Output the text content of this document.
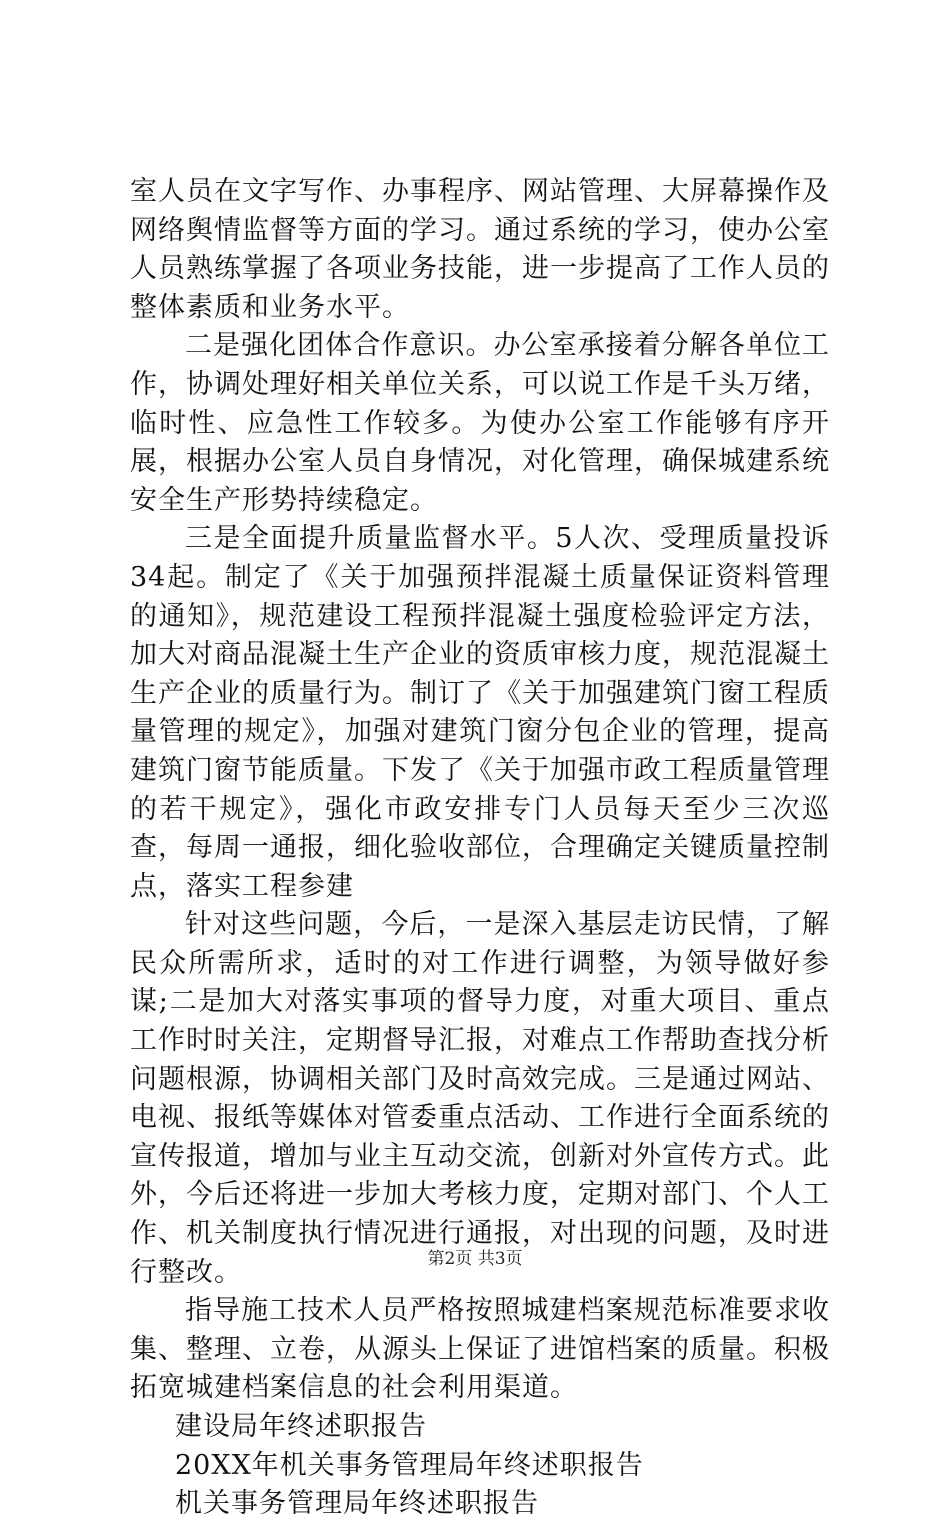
室人员在文字写作、办事程序、网站管理、大屏幕操作及网络舆情监督等方面的学习。通过系统的学习，使办公室人员熟练掌握了各项业务技能，进一步提高了工作人员的整体素质和业务水平。

二是强化团体合作意识。办公室承接着分解各单位工作，协调处理好相关单位关系，可以说工作是千头万绪，临时性、应急性工作较多。为使办公室工作能够有序开展，根据办公室人员自身情况，对化管理，确保城建系统安全生产形势持续稳定。

三是全面提升质量监督水平。5人次、受理质量投诉34起。制定了《关于加强预拌混凝土质量保证资料管理的通知》，规范建设工程预拌混凝土强度检验评定方法，加大对商品混凝土生产企业的资质审核力度，规范混凝土生产企业的质量行为。制订了《关于加强建筑门窗工程质量管理的规定》，加强对建筑门窗分包企业的管理，提高建筑门窗节能质量。下发了《关于加强市政工程质量管理的若干规定》，强化市政安排专门人员每天至少三次巡查，每周一通报，细化验收部位，合理确定关键质量控制点，落实工程参建

针对这些问题，今后，一是深入基层走访民情，了解民众所需所求，适时的对工作进行调整，为领导做好参谋;二是加大对落实事项的督导力度，对重大项目、重点工作时时关注，定期督导汇报，对难点工作帮助查找分析问题根源，协调相关部门及时高效完成。三是通过网站、电视、报纸等媒体对管委重点活动、工作进行全面系统的宣传报道，增加与业主互动交流，创新对外宣传方式。此外，今后还将进一步加大考核力度，定期对部门、个人工作、机关制度执行情况进行通报，对出现的问题，及时进行整改。

指导施工技术人员严格按照城建档案规范标准要求收集、整理、立卷，从源头上保证了进馆档案的质量。积极拓宽城建档案信息的社会利用渠道。

建设局年终述职报告

20XX年机关事务管理局年终述职报告

机关事务管理局年终述职报告

第2页 共3页
